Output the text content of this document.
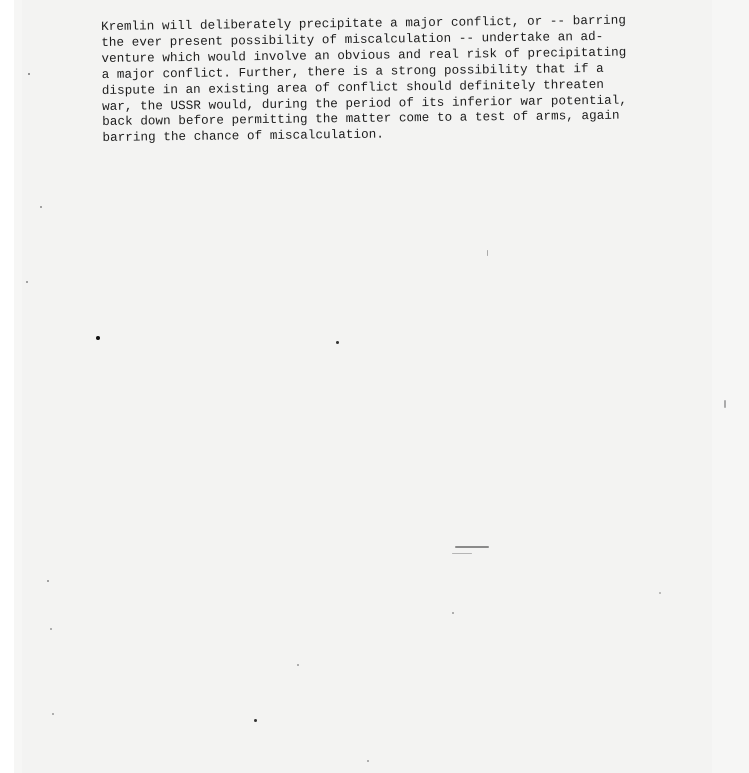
Kremlin will deliberately precipitate a major conflict, or -- barring
the ever present possibility of miscalculation -- undertake an ad-
venture which would involve an obvious and real risk of precipitating
a major conflict. Further, there is a strong possibility that if a
dispute in an existing area of conflict should definitely threaten
war, the USSR would, during the period of its inferior war potential,
back down before permitting the matter come to a test of arms, again
barring the chance of miscalculation.
